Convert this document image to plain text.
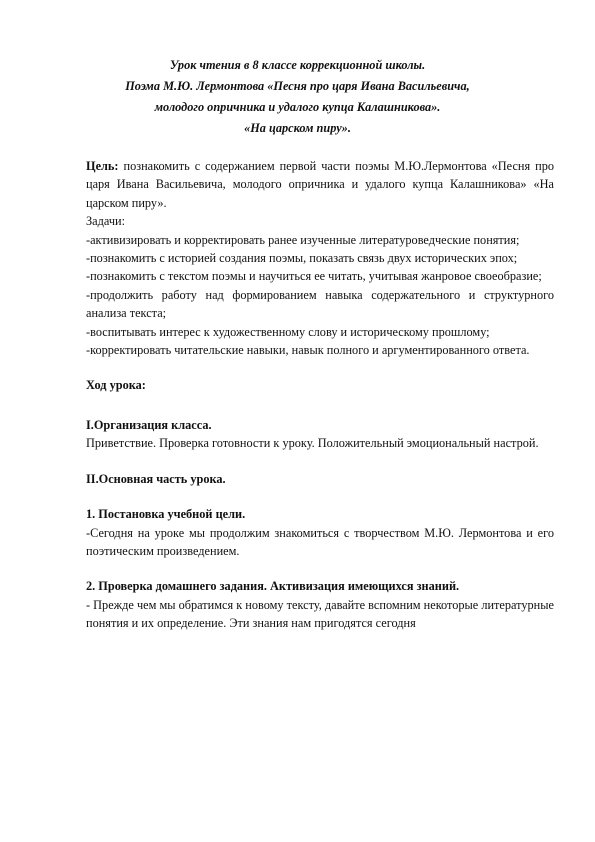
Урок чтения в 8 классе коррекционной школы.
Поэма М.Ю. Лермонтова «Песня про царя Ивана Васильевича,
молодого опричника и удалого купца Калашникова».
«На царском пиру».

Цель: познакомить с содержанием первой части поэмы М.Ю.Лермонтова «Песня про царя Ивана Васильевича, молодого опричника и удалого купца Калашникова» «На царском пиру».

Задачи:

-активизировать и корректировать ранее изученные литературоведческие понятия;

-познакомить с историей создания поэмы, показать связь двух исторических эпох;

-познакомить с текстом поэмы и научиться ее читать, учитывая жанровое своеобразие;

-продолжить работу над формированием навыка содержательного и структурного анализа текста;

-воспитывать интерес к художественному слову и историческому прошлому;

-корректировать читательские навыки, навык полного и аргументированного ответа.

Ход урока:

I.Организация класса.

Приветствие. Проверка готовности к уроку. Положительный эмоциональный настрой.

II.Основная часть урока.

1. Постановка учебной цели.

-Сегодня на уроке мы продолжим знакомиться с творчеством М.Ю. Лермонтова и его поэтическим произведением.

2. Проверка домашнего задания. Активизация имеющихся знаний.

- Прежде чем мы обратимся к новому тексту, давайте вспомним некоторые литературные понятия и их определение. Эти знания нам пригодятся сегодня
